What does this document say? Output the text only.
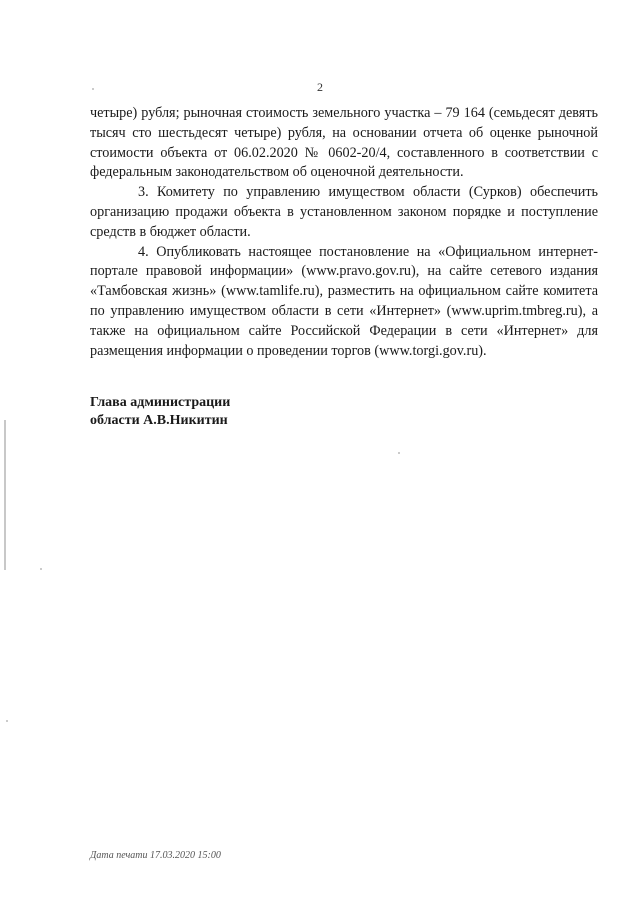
2

четыре) рубля; рыночная стоимость земельного участка – 79 164 (семьдесят девять тысяч сто шестьдесят четыре) рубля, на основании отчета об оценке рыночной стоимости объекта от 06.02.2020 № 0602-20/4, составленного в соответствии с федеральным законодательством об оценочной деятельности.

3. Комитету по управлению имуществом области (Сурков) обеспечить организацию продажи объекта в установленном законом порядке и поступление средств в бюджет области.

4. Опубликовать настоящее постановление на «Официальном интернет-портале правовой информации» (www.pravo.gov.ru), на сайте сетевого издания «Тамбовская жизнь» (www.tamlife.ru), разместить на официальном сайте комитета по управлению имуществом области в сети «Интернет» (www.uprim.tmbreg.ru), а также на официальном сайте Российской Федерации в сети «Интернет» для размещения информации о проведении торгов (www.torgi.gov.ru).

Глава администрации
области А.В.Никитин
Дата печати 17.03.2020 15:00
